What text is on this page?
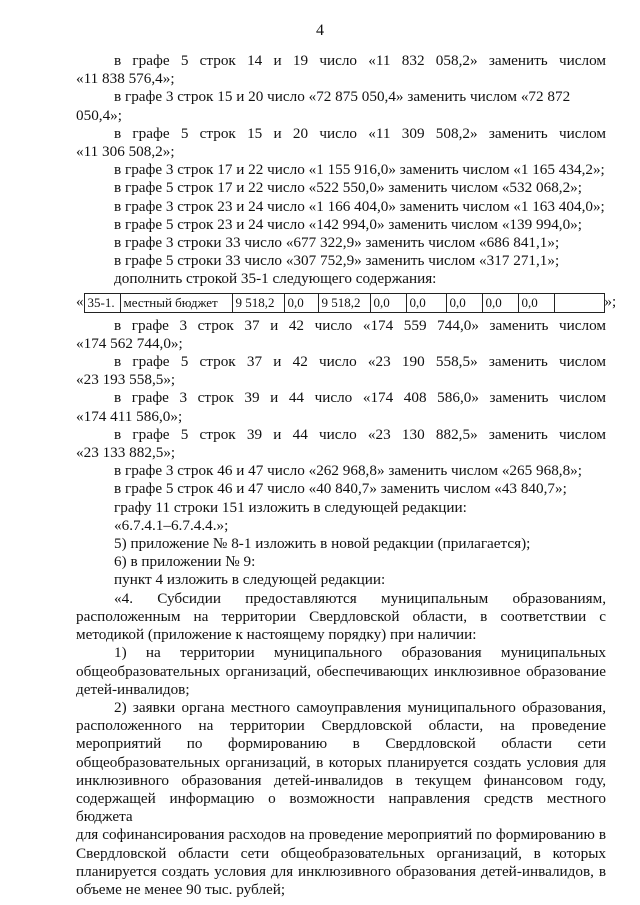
4

в графе 5 строк 14 и 19 число «11 832 058,2» заменить числом

«11 838 576,4»;

в графе 3 строк 15 и 20 число «72 875 050,4» заменить числом «72 872 050,4»;

в графе 5 строк 15 и 20 число «11 309 508,2» заменить числом

«11 306 508,2»;

в графе 3 строк 17 и 22 число «1 155 916,0» заменить числом «1 165 434,2»;

в графе 5 строк 17 и 22 число «522 550,0» заменить числом «532 068,2»;

в графе 3 строк 23 и 24 число «1 166 404,0» заменить числом «1 163 404,0»;

в графе 5 строк 23 и 24 число «142 994,0» заменить числом «139 994,0»;

в графе 3 строки 33 число «677 322,9» заменить числом «686 841,1»;

в графе 5 строки 33 число «307 752,9» заменить числом «317 271,1»;

дополнить строкой 35-1 следующего содержания:

« 35-1.	местный бюджет	9 518,2	0,0	9 518,2	0,0	0,0	0,0	0,0	0,0		»;

в графе 3 строк 37 и 42 число «174 559 744,0» заменить числом

«174 562 744,0»;

в графе 5 строк 37 и 42 число «23 190 558,5» заменить числом

«23 193 558,5»;

в графе 3 строк 39 и 44 число «174 408 586,0» заменить числом

«174 411 586,0»;

в графе 5 строк 39 и 44 число «23 130 882,5» заменить числом

«23 133 882,5»;

в графе 3 строк 46 и 47 число «262 968,8» заменить числом «265 968,8»;

в графе 5 строк 46 и 47 число «40 840,7» заменить числом «43 840,7»;

графу 11 строки 151 изложить в следующей редакции:

«6.7.4.1–6.7.4.4.»;

5) приложение № 8-1 изложить в новой редакции (прилагается);

6) в приложении № 9:

пункт 4 изложить в следующей редакции:

«4. Субсидии предоставляются муниципальным образованиям,

расположенным на территории Свердловской области, в соответствии с

методикой (приложение к настоящему порядку) при наличии:

1) на территории муниципального образования муниципальных

общеобразовательных организаций, обеспечивающих инклюзивное образование

детей-инвалидов;

2) заявки органа местного самоуправления муниципального образования,

расположенного на территории Свердловской области, на проведение

мероприятий по формированию в Свердловской области сети

общеобразовательных организаций, в которых планируется создать условия для

инклюзивного образования детей-инвалидов в текущем финансовом году,

содержащей информацию о возможности направления средств местного бюджета

для софинансирования расходов на проведение мероприятий по формированию в

Свердловской области сети общеобразовательных организаций, в которых

планируется создать условия для инклюзивного образования детей-инвалидов, в

объеме не менее 90 тыс. рублей;
